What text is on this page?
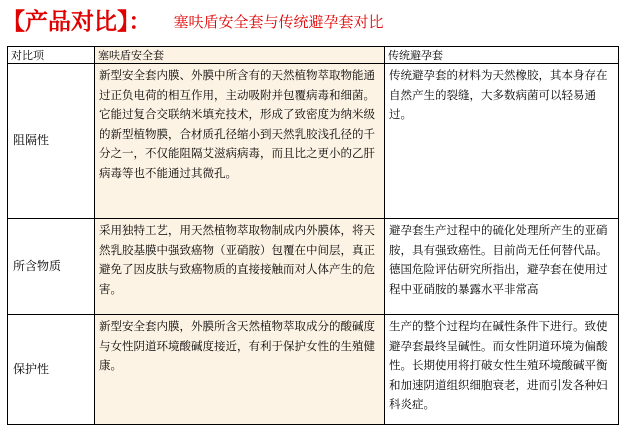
【产品对比】： 塞呋盾安全套与传统避孕套对比
对比项	塞呋盾安全套	传统避孕套
阻隔性	新型安全套内膜、外膜中所含有的天然植物萃取物能通过正负电荷的相互作用，主动吸附并包覆病毒和细菌。它能过复合交联纳米填充技术，形成了致密度为纳米级的新型植物膜，合材质孔径缩小到天然乳胶浅孔径的千分之一，不仅能阻隔艾滋病病毒，而且比之更小的乙肝病毒等也不能通过其微孔。	传统避孕套的材料为天然橡胶，其本身存在自然产生的裂缝，大多数病菌可以轻易通过。
所含物质	采用独特工艺，用天然植物萃取物制成内外膜体，将天然乳胶基膜中强致癌物（亚硝胺）包覆在中间层，真正避免了因皮肤与致癌物质的直接接触而对人体产生的危害。	避孕套生产过程中的硫化处理所产生的亚硝胺，具有强致癌性。目前尚无任何替代品。德国危险评估研究所指出，避孕套在使用过程中亚硝胺的暴露水平非常高
保护性	新型安全套内膜，外膜所含天然植物萃取成分的酸碱度与女性阴道环境酸碱度接近，有利于保护女性的生殖健康。	生产的整个过程均在碱性条件下进行。致使避孕套最终呈碱性。而女性阴道环境为偏酸性。长期使用将打破女性生殖环境酸碱平衡和加速阴道组织细胞衰老，进而引发各种妇科炎症。
